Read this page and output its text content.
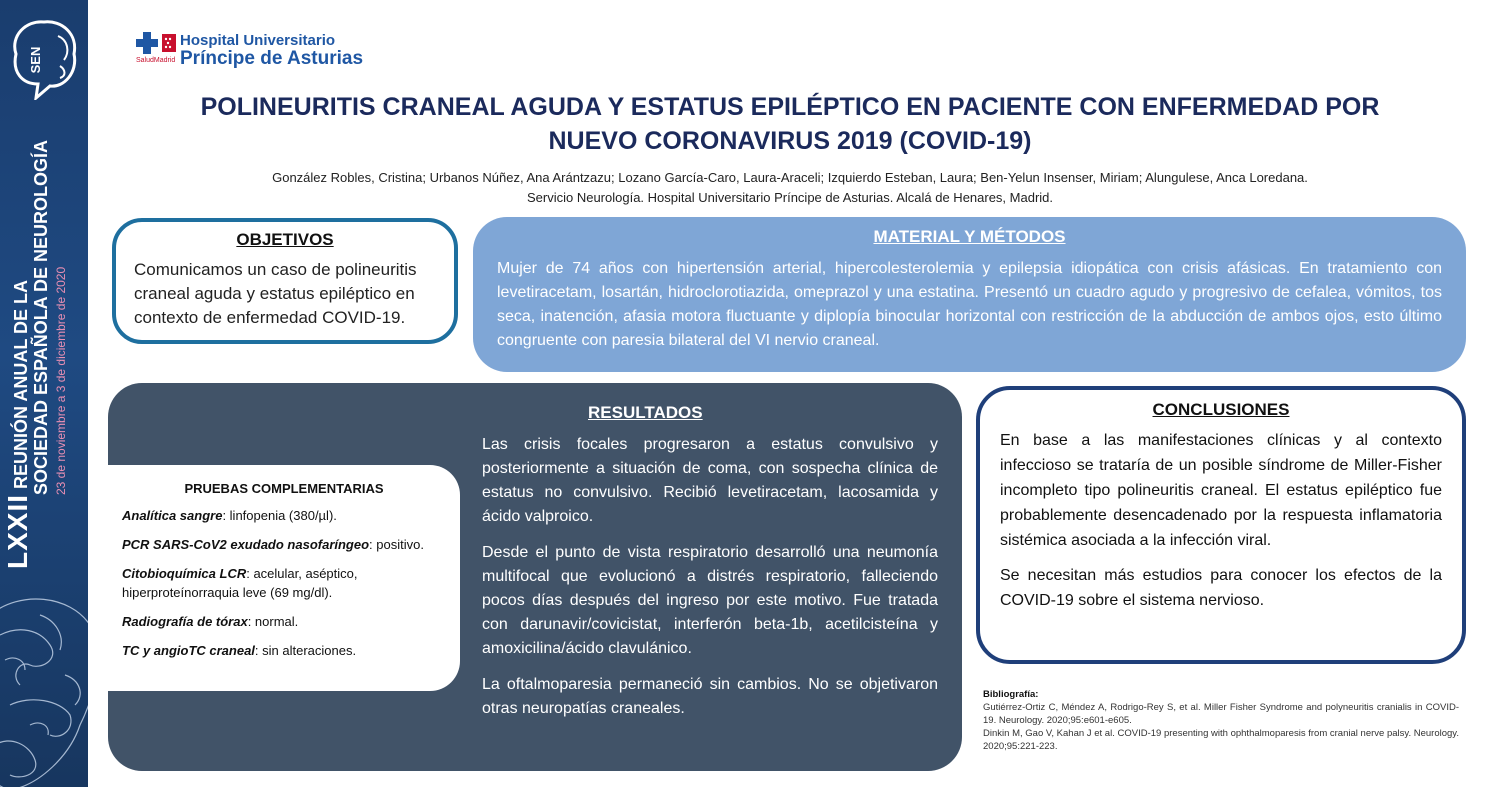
SEN
LXXII REUNIÓN ANUAL DE LA SOCIEDAD ESPAÑOLA DE NEUROLOGÍA 23 de noviembre a 3 de diciembre de 2020
SaludMadrid
Hospital Universitario
Príncipe de Asturias
POLINEURITIS CRANEAL AGUDA Y ESTATUS EPILÉPTICO EN PACIENTE CON ENFERMEDAD POR NUEVO CORONAVIRUS 2019 (COVID-19)
González Robles, Cristina; Urbanos Núñez, Ana Arántzazu; Lozano García-Caro, Laura-Araceli; Izquierdo Esteban, Laura; Ben-Yelun Insenser, Miriam; Alungulese, Anca Loredana.
Servicio Neurología. Hospital Universitario Príncipe de Asturias. Alcalá de Henares, Madrid.
OBJETIVOS
Comunicamos un caso de polineuritis craneal aguda y estatus epiléptico en contexto de enfermedad COVID-19.
MATERIAL Y MÉTODOS
Mujer de 74 años con hipertensión arterial, hipercolesterolemia y epilepsia idiopática con crisis afásicas. En tratamiento con levetiracetam, losartán, hidroclorotiazida, omeprazol y una estatina. Presentó un cuadro agudo y progresivo de cefalea, vómitos, tos seca, inatención, afasia motora fluctuante y diplopía binocular horizontal con restricción de la abducción de ambos ojos, esto último congruente con paresia bilateral del VI nervio craneal.
RESULTADOS

Las crisis focales progresaron a estatus convulsivo y posteriormente a situación de coma, con sospecha clínica de estatus no convulsivo. Recibió levetiracetam, lacosamida y ácido valproico.

Desde el punto de vista respiratorio desarrolló una neumonía multifocal que evolucionó a distrés respiratorio, falleciendo pocos días después del ingreso por este motivo. Fue tratada con darunavir/covicistat, interferón beta-1b, acetilcisteína y amoxicilina/ácido clavulánico.

La oftalmoparesia permaneció sin cambios. No se objetivaron otras neuropatías craneales.

PRUEBAS COMPLEMENTARIAS
Analítica sangre: linfopenia (380/µl).
PCR SARS-CoV2 exudado nasofaríngeo: positivo.
Citobioquímica LCR: acelular, aséptico, hiperproteínorraquia leve (69 mg/dl).
Radiografía de tórax: normal.
TC y angioTC craneal: sin alteraciones.
CONCLUSIONES

En base a las manifestaciones clínicas y al contexto infeccioso se trataría de un posible síndrome de Miller-Fisher incompleto tipo polineuritis craneal. El estatus epiléptico fue probablemente desencadenado por la respuesta inflamatoria sistémica asociada a la infección viral.

Se necesitan más estudios para conocer los efectos de la COVID-19 sobre el sistema nervioso.

Bibliografía:

Gutiérrez-Ortiz C, Méndez A, Rodrigo-Rey S, et al. Miller Fisher Syndrome and polyneuritis cranialis in COVID-19. Neurology. 2020;95:e601-e605.

Dinkin M, Gao V, Kahan J et al. COVID-19 presenting with ophthalmoparesis from cranial nerve palsy. Neurology. 2020;95:221-223.
